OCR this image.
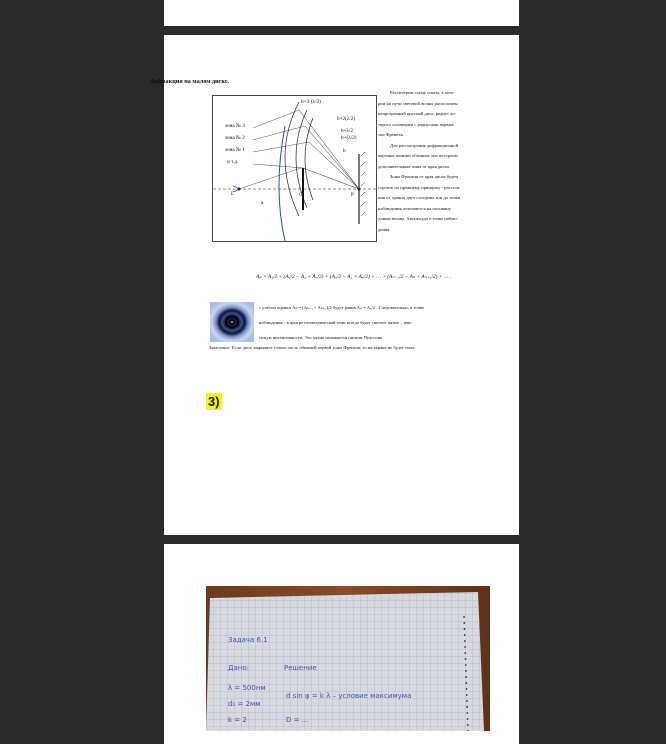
Дифракция на малом диске.
b+3·(λ/2)
b+2(λ/2)
b+λ/2
b+(λ/2)
b
зона № 3
зона № 2
зона № 1
и т.д.
L	O	P
a

Рассмотрим схему опыта, в кото-

ром на пути световой волны расположен

непрозрачный круглый диск, радиус ко-

торого соизмерим с радиусами первых

зон Френеля.

Для рассмотрения дифракционной

картины помимо обычных зон построим

дополнительные зоны от края диска.

Зоны Френеля от края диска будем

строить по прежнему принципу - расстоя-

ния от границ двух соседних зон до точки

наблюдения отличаются на половину

длины волны. Амплитуда в точке наблю-

дения

Aₚ = A₁/2 + (A₁/2 − A₂ + A₃/2) + (A₃/2 − A₄ + A₅/2) + … + (Aₙ₋₁/2 − Aₙ + Aₙ₊₁/2) + … .
с учётом оценки Aₙ = (Aₙ₋₁ + Aₙ₊₁)/2 будет равна Aₚ = A₁/2 . Следовательно, в точке
наблюдения - в центре геометрической тени всегда будет светлое пятно – мак-
симум интенсивности. Это пятно называется пятном Пуассона.
Замечание. Если диск закрывает только часть обычной первой зоны Френеля, то на экране не будет тени.
3)
Задача 6.1
Дано:	Решение
λ = 500нм
d₁ = 2мм
k = 2
d sin φ = k λ – условие максимума
D = ...
